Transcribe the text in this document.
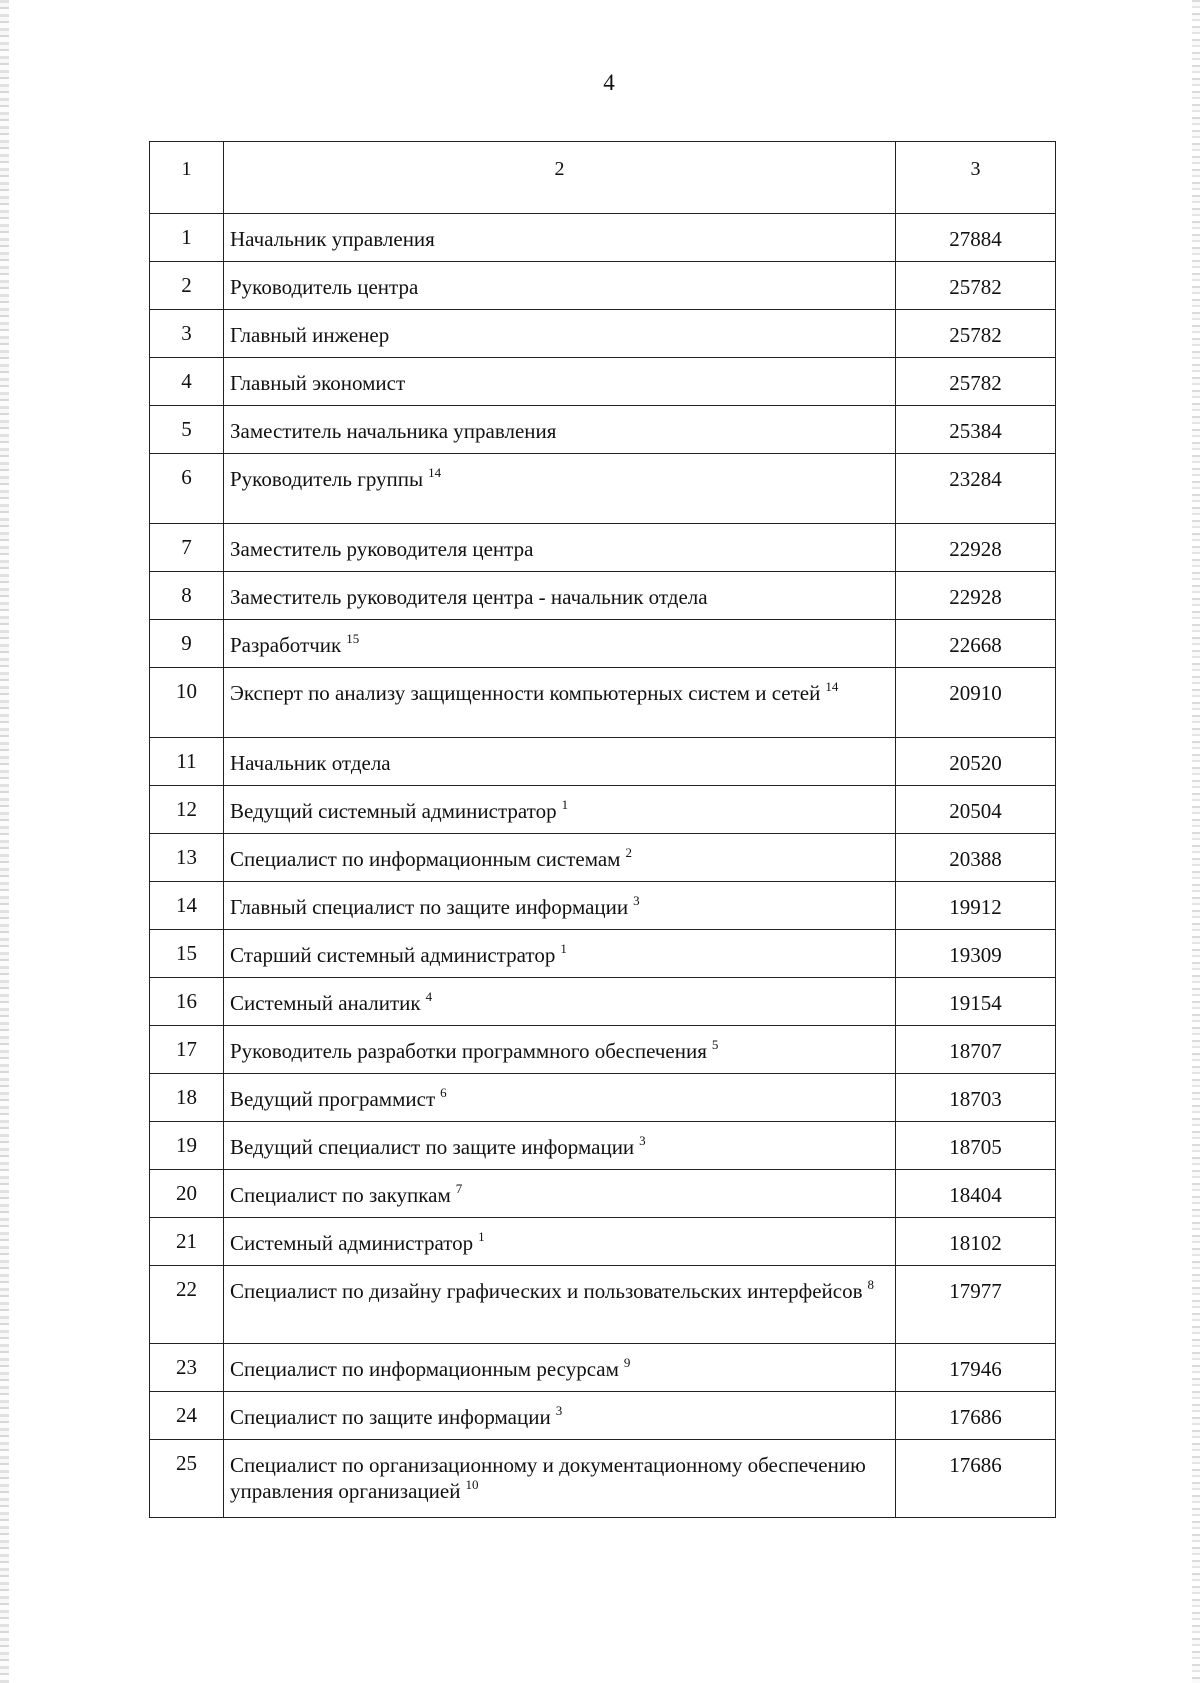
4
1	2	3
1	Начальник управления	27884
2	Руководитель центра	25782
3	Главный инженер	25782
4	Главный экономист	25782
5	Заместитель начальника управления	25384
6	Руководитель группы $^{14}$	23284
7	Заместитель руководителя центра	22928
8	Заместитель руководителя центра - начальник отдела	22928
9	Разработчик $^{15}$	22668
10	Эксперт по анализу защищенности компьютерных систем и сетей $^{14}$	20910
11	Начальник отдела	20520
12	Ведущий системный администратор $^1$	20504
13	Специалист по информационным системам $^2$	20388
14	Главный специалист по защите информации $^3$	19912
15	Старший системный администратор $^1$	19309
16	Системный аналитик $^4$	19154
17	Руководитель разработки программного обеспечения $^5$	18707
18	Ведущий программист $^6$	18703
19	Ведущий специалист по защите информации $^3$	18705
20	Специалист по закупкам $^7$	18404
21	Системный администратор $^1$	18102
22	Специалист по дизайну графических и пользовательских интерфейсов $^8$	17977
23	Специалист по информационным ресурсам $^9$	17946
24	Специалист по защите информации $^3$	17686
25	Специалист по организационному и документационному обеспечению управления организацией $^{10}$	17686
